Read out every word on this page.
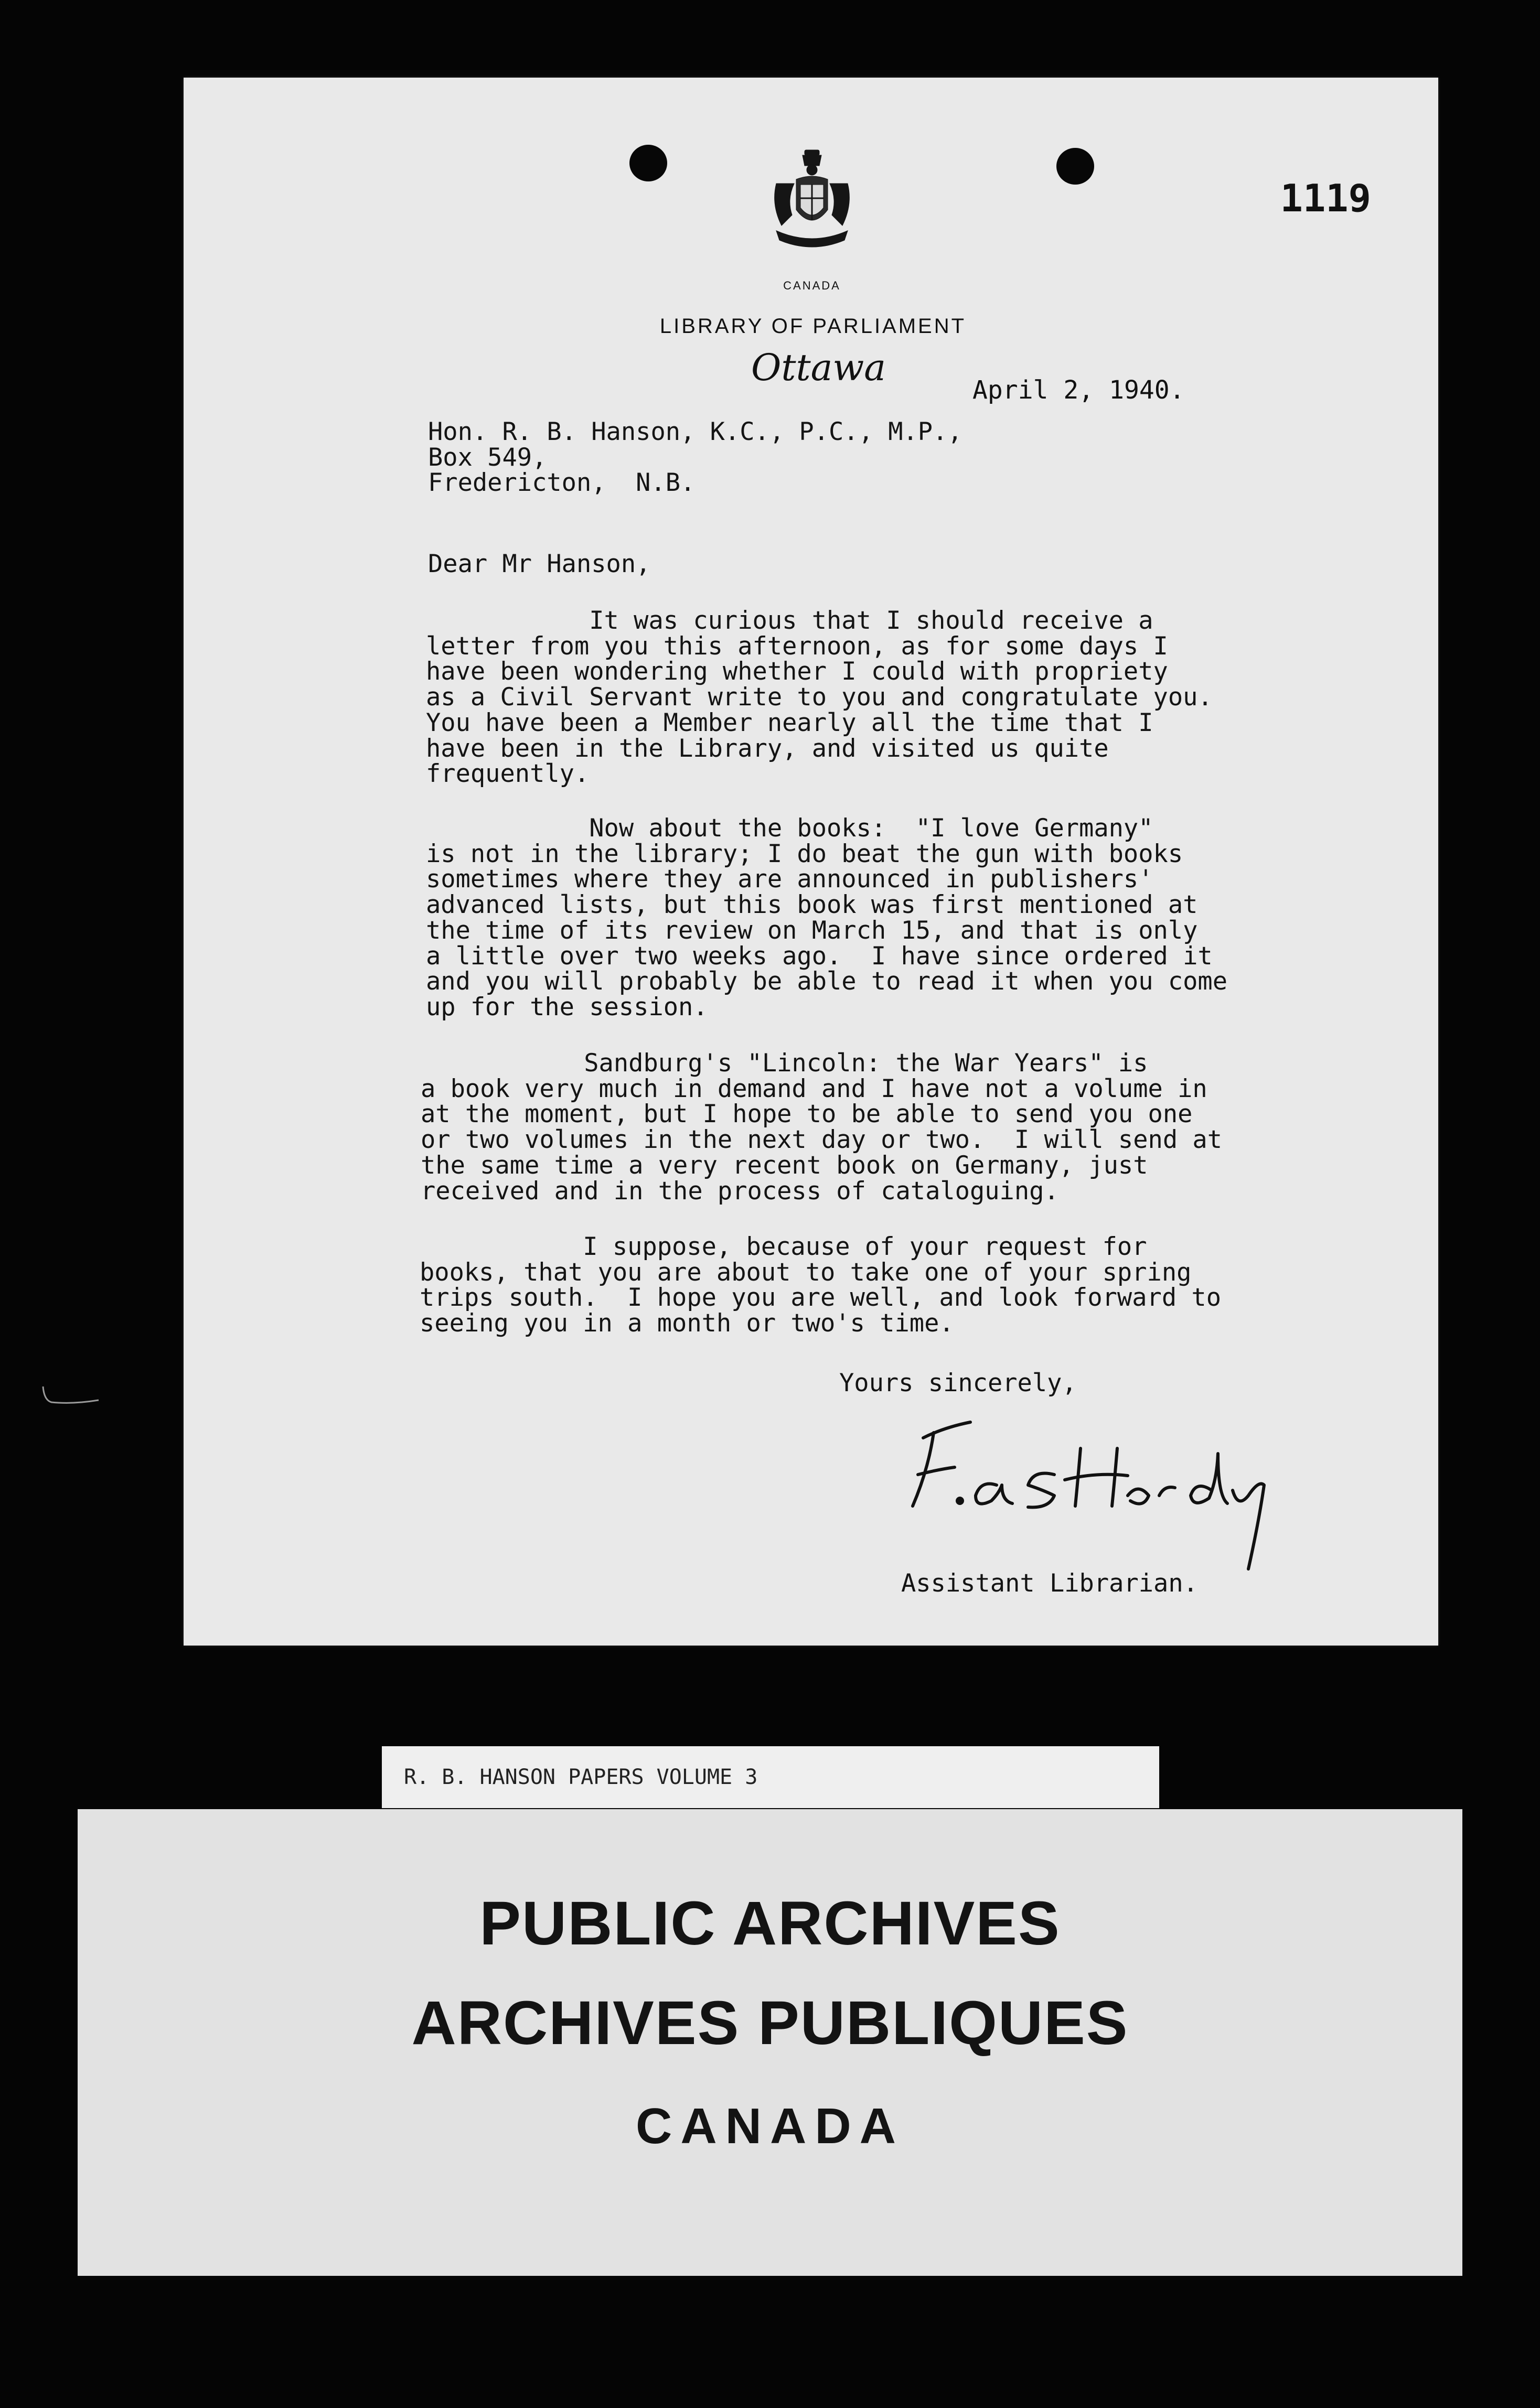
1119
CANADA
LIBRARY OF PARLIAMENT
Ottawa
April 2, 1940.
Hon. R. B. Hanson, K.C., P.C., M.P.,
Box 549,
Fredericton,  N.B.
Dear Mr Hanson,
It was curious that I should receive a
letter from you this afternoon, as for some days I
have been wondering whether I could with propriety
as a Civil Servant write to you and congratulate you.
You have been a Member nearly all the time that I
have been in the Library, and visited us quite
frequently.
Now about the books:  "I love Germany"
is not in the library; I do beat the gun with books
sometimes where they are announced in publishers'
advanced lists, but this book was first mentioned at
the time of its review on March 15, and that is only
a little over two weeks ago.  I have since ordered it
and you will probably be able to read it when you come
up for the session.
Sandburg's "Lincoln: the War Years" is
a book very much in demand and I have not a volume in
at the moment, but I hope to be able to send you one
or two volumes in the next day or two.  I will send at
the same time a very recent book on Germany, just
received and in the process of cataloguing.
I suppose, because of your request for
books, that you are about to take one of your spring
trips south.  I hope you are well, and look forward to
seeing you in a month or two's time.
Yours sincerely,
Assistant Librarian.
R. B. HANSON PAPERS VOLUME 3
PUBLIC ARCHIVES
ARCHIVES PUBLIQUES
CANADA
